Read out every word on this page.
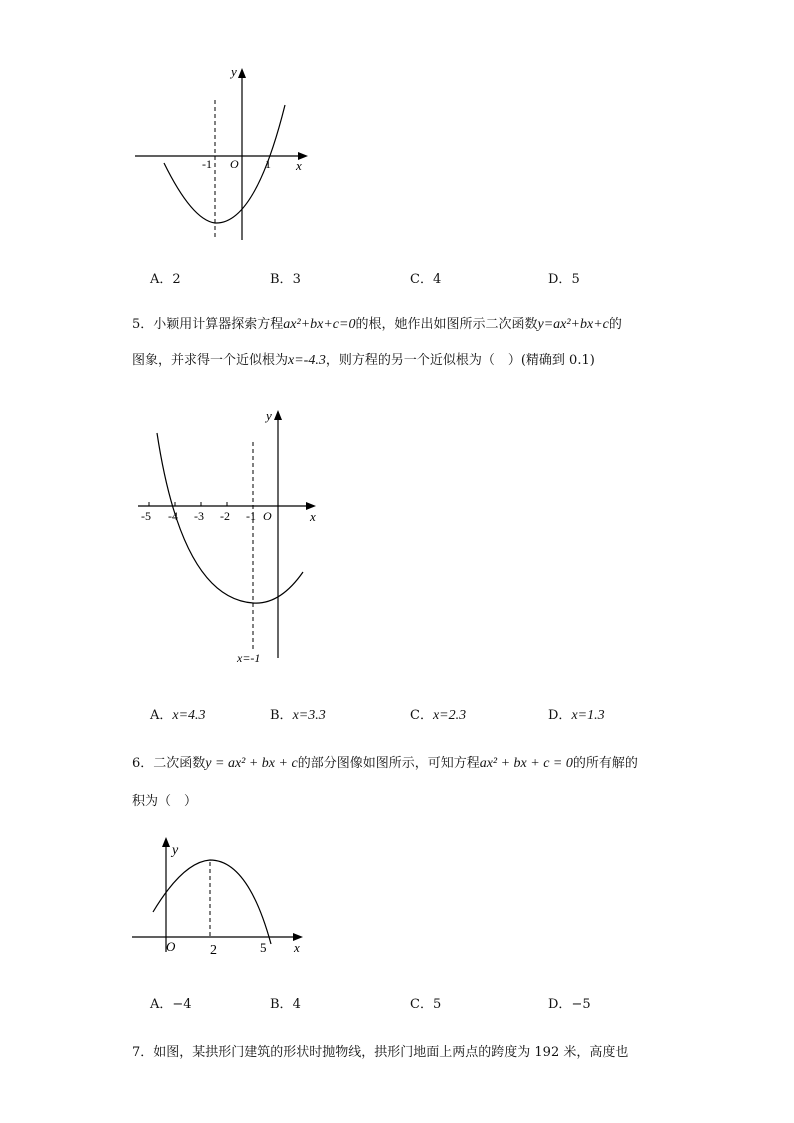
y
x
O
-1	1
A．2	B．3	C．4	D．5
5．小颖用计算器探索方程ax²+bx+c=0的根，她作出如图所示二次函数y=ax²+bx+c的
图象，并求得一个近似根为x=-4.3，则方程的另一个近似根为（　）(精确到 0.1)
y
x
O
-5 -4 -3 -2 -1
x=-1
A．x=4.3	B．x=3.3	C．x=2.3	D．x=1.3
6．二次函数y = ax² + bx + c的部分图像如图所示，可知方程ax² + bx + c = 0的所有解的
积为（　）
y
x
O 2	5
A．−4	B．4	C．5	D．−5
7．如图，某拱形门建筑的形状时抛物线，拱形门地面上两点的跨度为 192 米，高度也
